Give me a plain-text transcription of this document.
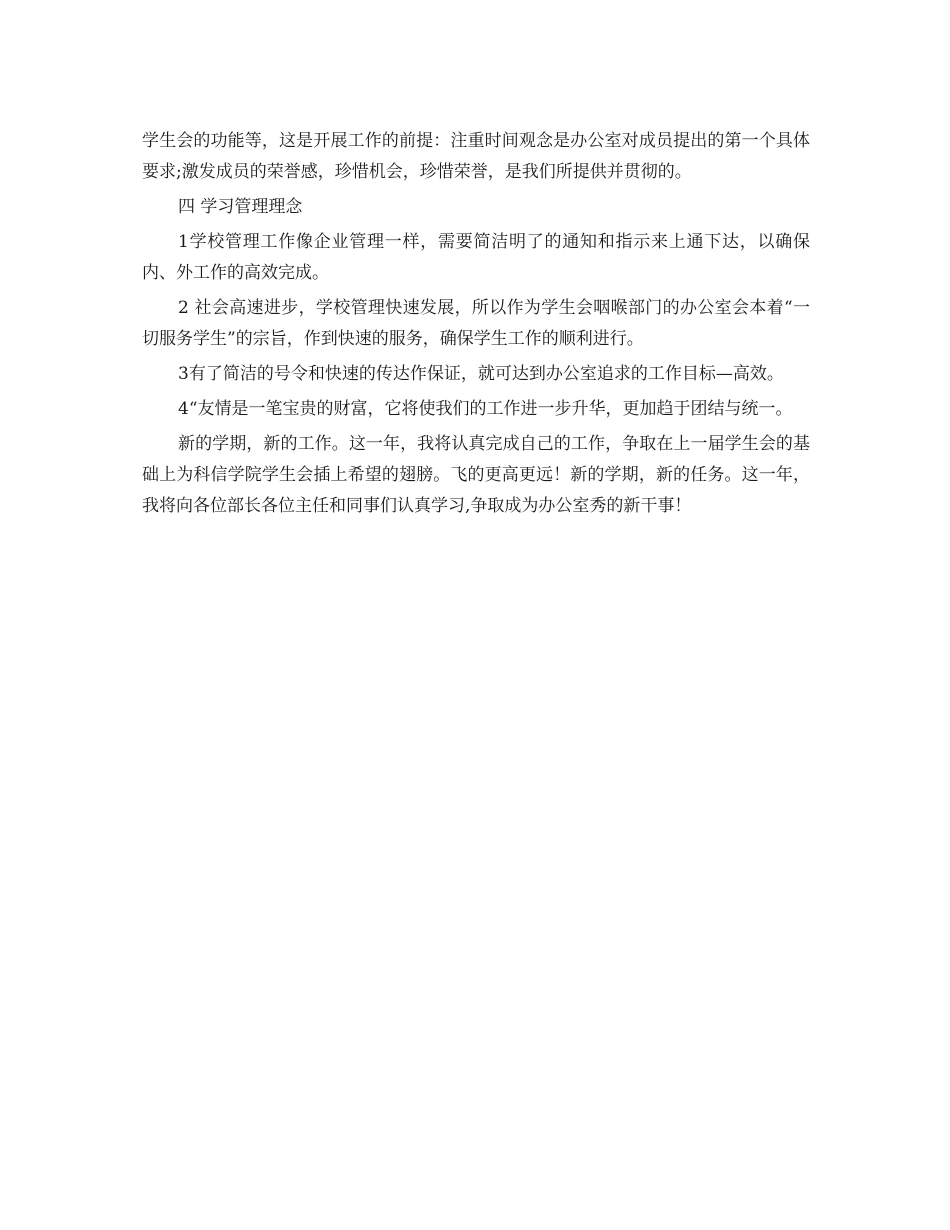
学生会的功能等，这是开展工作的前提：注重时间观念是办公室对成员提出的第一个具体要求;激发成员的荣誉感，珍惜机会，珍惜荣誉，是我们所提供并贯彻的。

四 学习管理理念

1学校管理工作像企业管理一样，需要简洁明了的通知和指示来上通下达，以确保内、外工作的高效完成。

2 社会高速进步，学校管理快速发展，所以作为学生会咽喉部门的办公室会本着“一切服务学生”的宗旨，作到快速的服务，确保学生工作的顺利进行。

3有了简洁的号令和快速的传达作保证，就可达到办公室追求的工作目标—高效。

4“友情是一笔宝贵的财富，它将使我们的工作进一步升华，更加趋于团结与统一。

新的学期，新的工作。这一年，我将认真完成自己的工作，争取在上一届学生会的基础上为科信学院学生会插上希望的翅膀。飞的更高更远！新的学期，新的任务。这一年，我将向各位部长各位主任和同事们认真学习,争取成为办公室秀的新干事！
